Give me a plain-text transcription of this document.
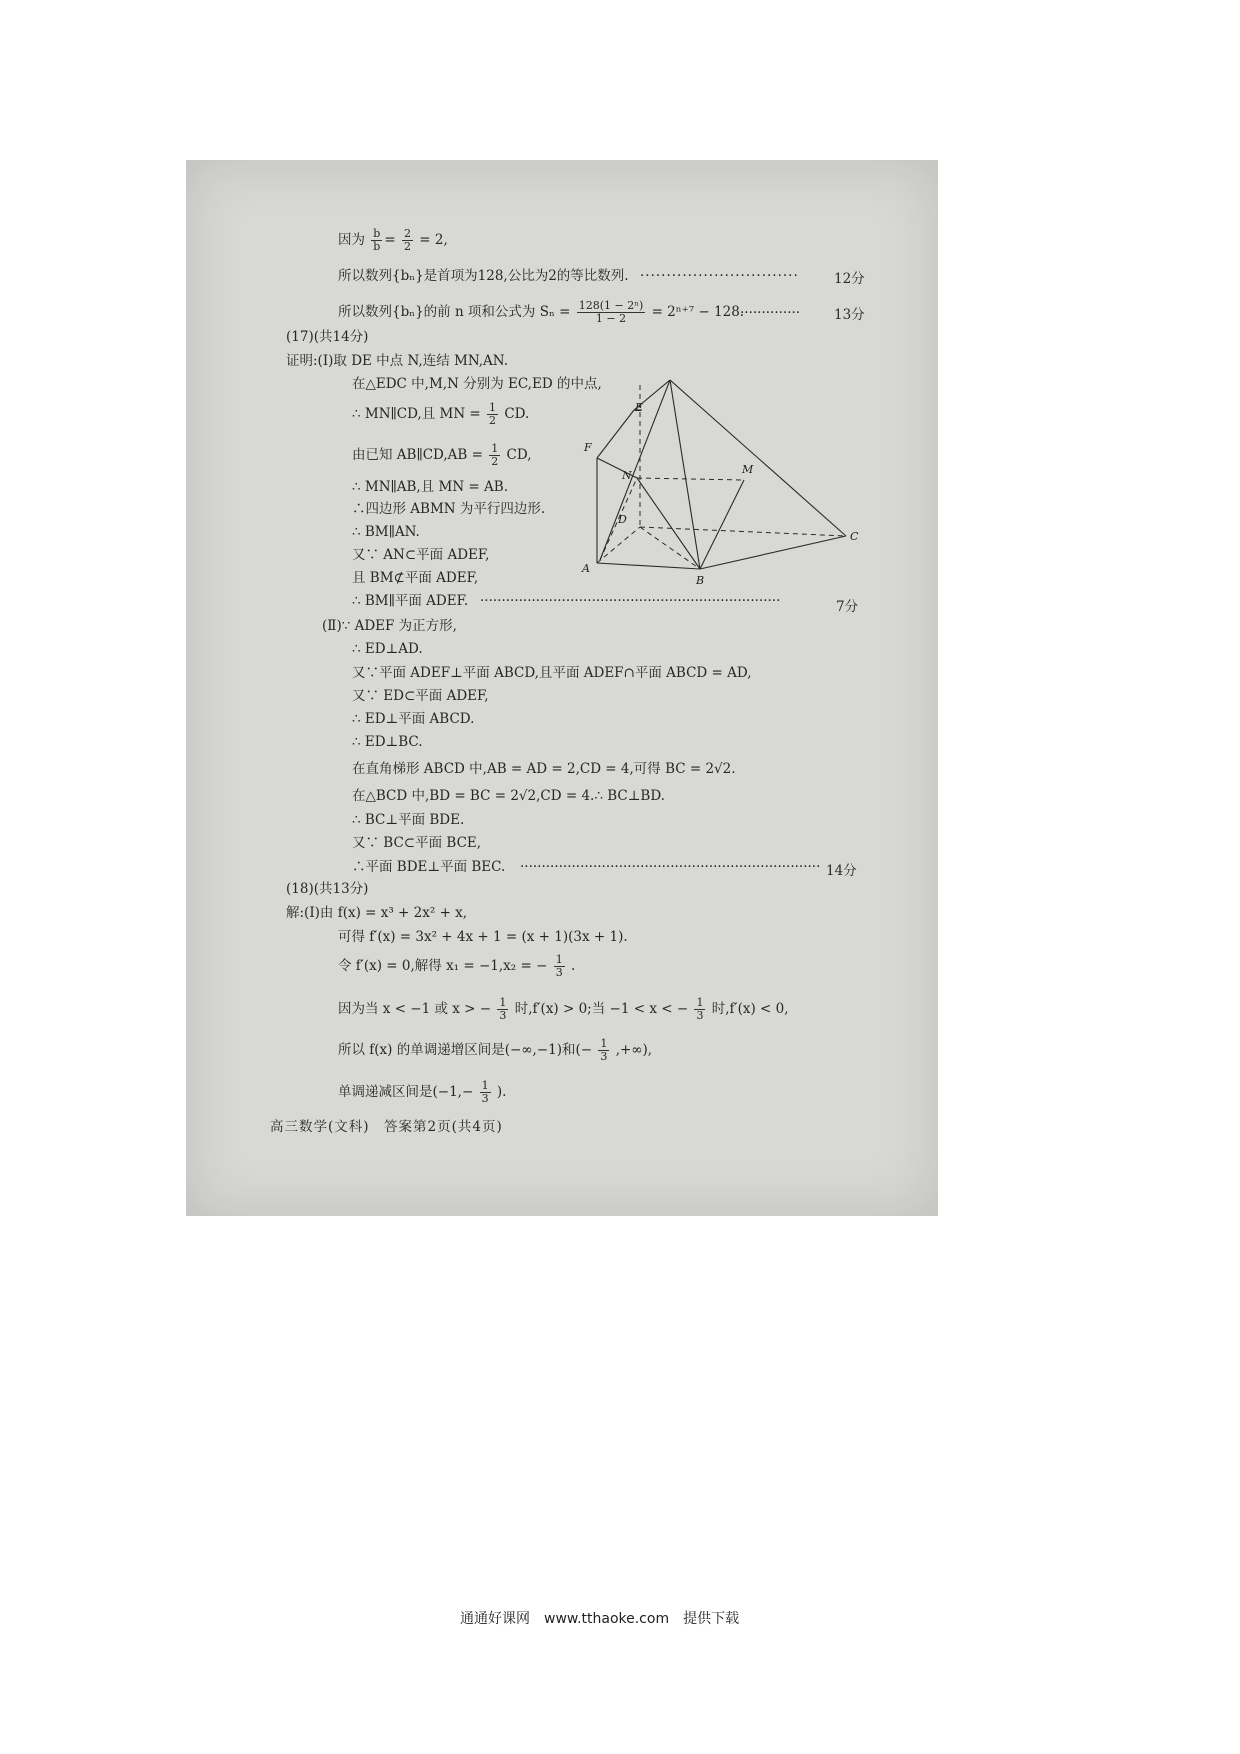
因为 $\frac{b}{b} = \frac{2}{2} = 2$,
所以数列{bₙ}是首项为128,公比为2的等比数列. ······························	12分
所以数列{bₙ}的前 n 项和公式为 $S_n = \frac{\text{128(1 − 2ⁿ)}}{1 - 2} = 2^{n+7} - 128$.
··············	13分
(17)(共14分)
证明:(Ⅰ)取 DE 中点 N,连结 MN,AN.
在△EDC 中,M,N 分别为 EC,ED 的中点,
∴ MN∥CD,且 MN = $\frac{1}{2}$ CD.
由已知 AB∥CD,AB = $\frac{1}{2}$ CD,
∴ MN∥AB,且 MN = AB.
∴四边形 ABMN 为平行四边形.
∴ BM∥AN.
又∵ AN⊂平面 ADEF,
且 BM⊄平面 ADEF,
∴ BM∥平面 ADEF. ······································································	7分
E
F
M
N
D
A
B
C
(Ⅱ)∵ ADEF 为正方形,
∴ ED⊥AD.
又∵平面 ADEF⊥平面 ABCD,且平面 ADEF∩平面 ABCD = AD,
又∵ ED⊂平面 ADEF,
∴ ED⊥平面 ABCD.
∴ ED⊥BC.
在直角梯形 ABCD 中,AB = AD = 2,CD = 4,可得 BC = 2√2.
在△BCD 中,BD = BC = 2√2,CD = 4.∴ BC⊥BD.
∴ BC⊥平面 BDE.
又∵ BC⊂平面 BCE,
∴平面 BDE⊥平面 BEC. ······································································ 14分
(18)(共13分)
解:(Ⅰ)由 f(x) = x³ + 2x² + x,
可得 f′(x) = 3x² + 4x + 1 = (x + 1)(3x + 1).
令 f′(x) = 0,解得 x₁ = −1,x₂ = − $\frac{1}{3}$ .
因为当 x < −1 或 x > − $\frac{1}{3}$ 时,f′(x) > 0;当 −1 < x < − $\frac{1}{3}$ 时,f′(x) < 0,
所以 f(x) 的单调递增区间是(−∞,−1)和(− $\frac{1}{3}$ ,+∞),
单调递减区间是($-1,- \frac{1}{3}$ ).
高三数学(文科)　答案第2页(共4页)
通通好课网　www.tthaoke.com　提供下载
